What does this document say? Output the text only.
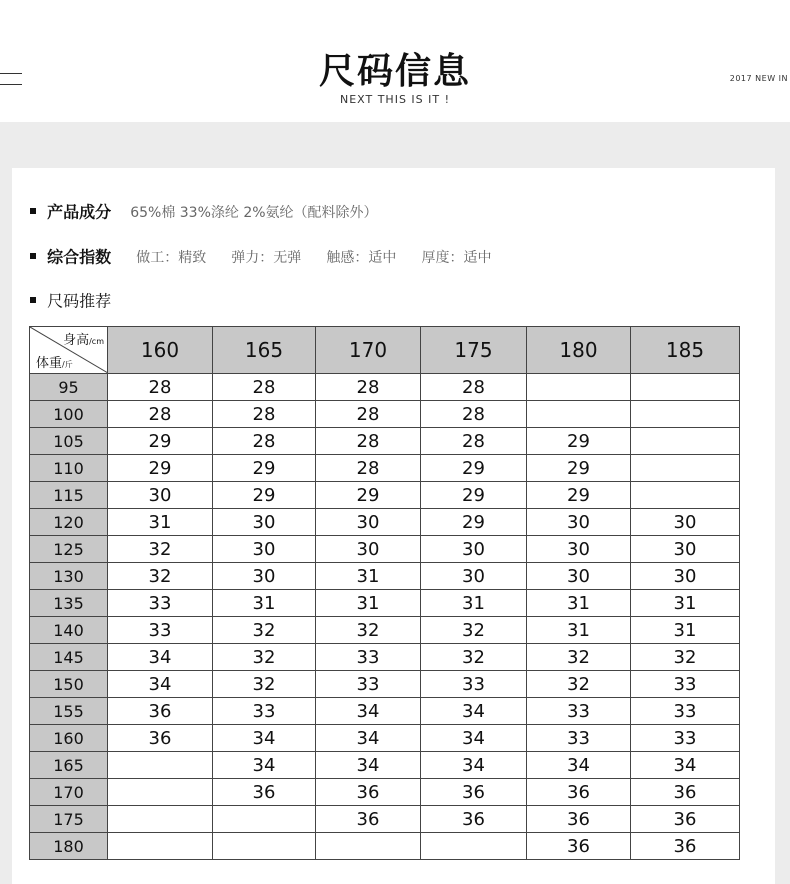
尺码信息
NEXT THIS IS IT !
2017 NEW IN
产品成分 65%棉 33%涤纶 2%氨纶（配料除外）
综合指数 做工：精致 弹力：无弹 触感：适中 厚度：适中
尺码推荐
身高/cm
体重/斤	160	165	170	175	180	185
95	28	28	28	28		
100	28	28	28	28		
105	29	28	28	28	29	
110	29	29	28	29	29	
115	30	29	29	29	29	
120	31	30	30	29	30	30
125	32	30	30	30	30	30
130	32	30	31	30	30	30
135	33	31	31	31	31	31
140	33	32	32	32	31	31
145	34	32	33	32	32	32
150	34	32	33	33	32	33
155	36	33	34	34	33	33
160	36	34	34	34	33	33
165		34	34	34	34	34
170		36	36	36	36	36
175			36	36	36	36
180					36	36
